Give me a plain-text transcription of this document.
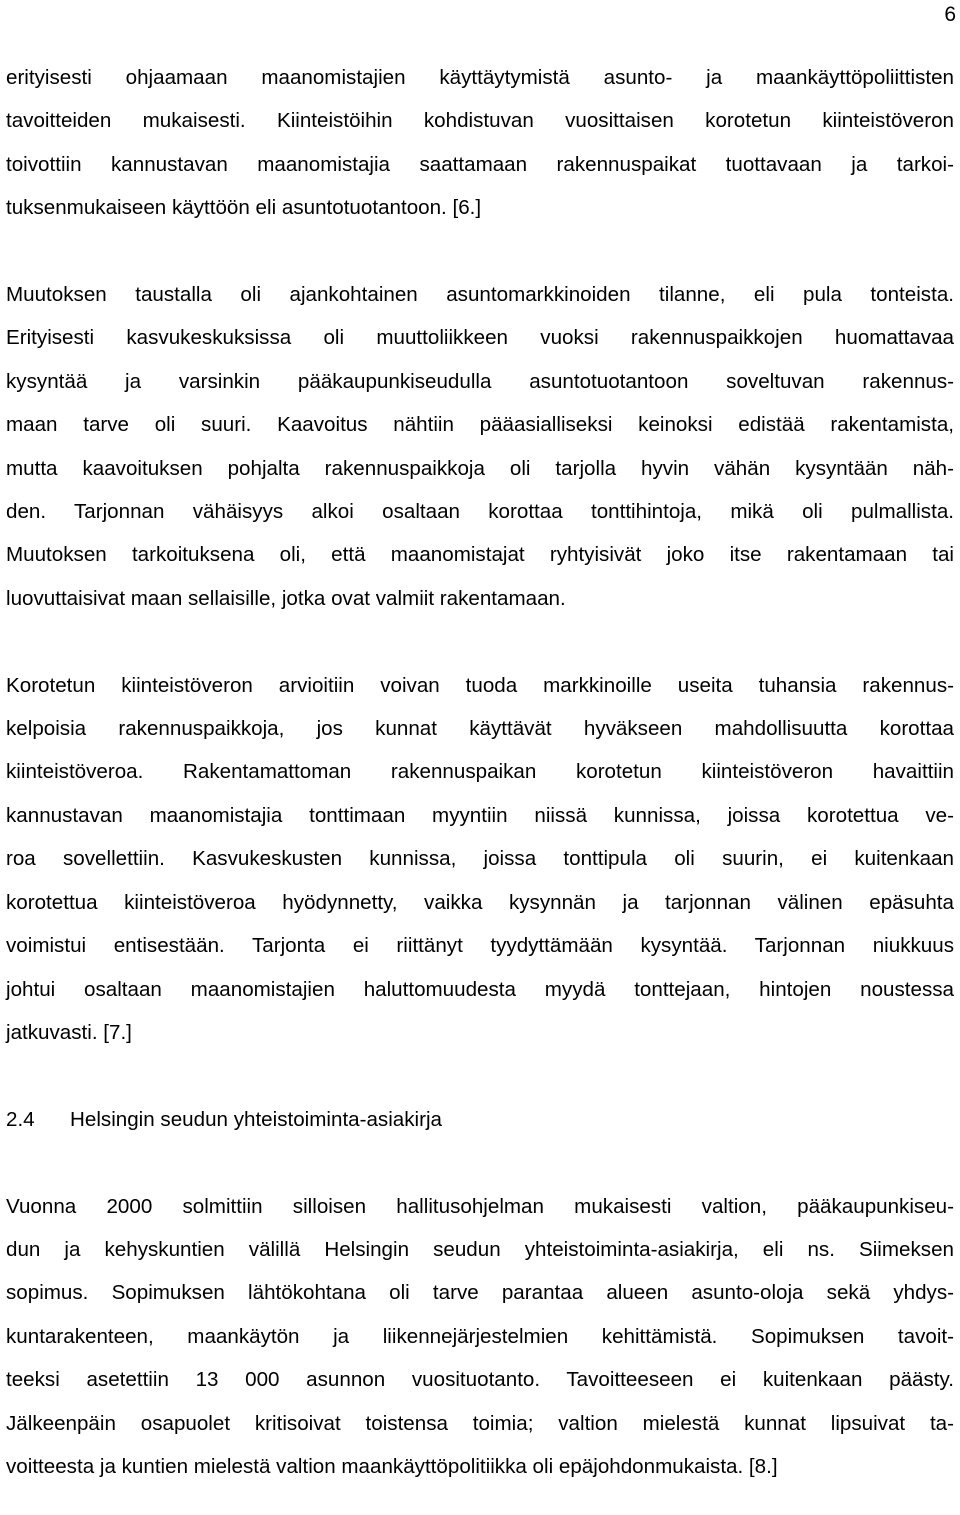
6
erityisesti ohjaamaan maanomistajien käyttäytymistä asunto- ja maankäyttöpoliittisten
tavoitteiden mukaisesti. Kiinteistöihin kohdistuvan vuosittaisen korotetun kiinteistöveron
toivottiin kannustavan maanomistajia saattamaan rakennuspaikat tuottavaan ja tarkoi-
tuksenmukaiseen käyttöön eli asuntotuotantoon. [6.]
Muutoksen taustalla oli ajankohtainen asuntomarkkinoiden tilanne, eli pula tonteista.
Erityisesti kasvukeskuksissa oli muuttoliikkeen vuoksi rakennuspaikkojen huomattavaa
kysyntää ja varsinkin pääkaupunkiseudulla asuntotuotantoon soveltuvan rakennus-
maan tarve oli suuri. Kaavoitus nähtiin pääasialliseksi keinoksi edistää rakentamista,
mutta kaavoituksen pohjalta rakennuspaikkoja oli tarjolla hyvin vähän kysyntään näh-
den. Tarjonnan vähäisyys alkoi osaltaan korottaa tonttihintoja, mikä oli pulmallista.
Muutoksen tarkoituksena oli, että maanomistajat ryhtyisivät joko itse rakentamaan tai
luovuttaisivat maan sellaisille, jotka ovat valmiit rakentamaan.
Korotetun kiinteistöveron arvioitiin voivan tuoda markkinoille useita tuhansia rakennus-
kelpoisia rakennuspaikkoja, jos kunnat käyttävät hyväkseen mahdollisuutta korottaa
kiinteistöveroa. Rakentamattoman rakennuspaikan korotetun kiinteistöveron havaittiin
kannustavan maanomistajia tonttimaan myyntiin niissä kunnissa, joissa korotettua ve-
roa sovellettiin. Kasvukeskusten kunnissa, joissa tonttipula oli suurin, ei kuitenkaan
korotettua kiinteistöveroa hyödynnetty, vaikka kysynnän ja tarjonnan välinen epäsuhta
voimistui entisestään. Tarjonta ei riittänyt tyydyttämään kysyntää. Tarjonnan niukkuus
johtui osaltaan maanomistajien haluttomuudesta myydä tonttejaan, hintojen noustessa
jatkuvasti. [7.]
2.4 Helsingin seudun yhteistoiminta-asiakirja
Vuonna 2000 solmittiin silloisen hallitusohjelman mukaisesti valtion, pääkaupunkiseu-
dun ja kehyskuntien välillä Helsingin seudun yhteistoiminta-asiakirja, eli ns. Siimeksen
sopimus. Sopimuksen lähtökohtana oli tarve parantaa alueen asunto-oloja sekä yhdys-
kuntarakenteen, maankäytön ja liikennejärjestelmien kehittämistä. Sopimuksen tavoit-
teeksi asetettiin 13 000 asunnon vuosituotanto. Tavoitteeseen ei kuitenkaan päästy.
Jälkeenpäin osapuolet kritisoivat toistensa toimia; valtion mielestä kunnat lipsuivat ta-
voitteesta ja kuntien mielestä valtion maankäyttöpolitiikka oli epäjohdonmukaista. [8.]
